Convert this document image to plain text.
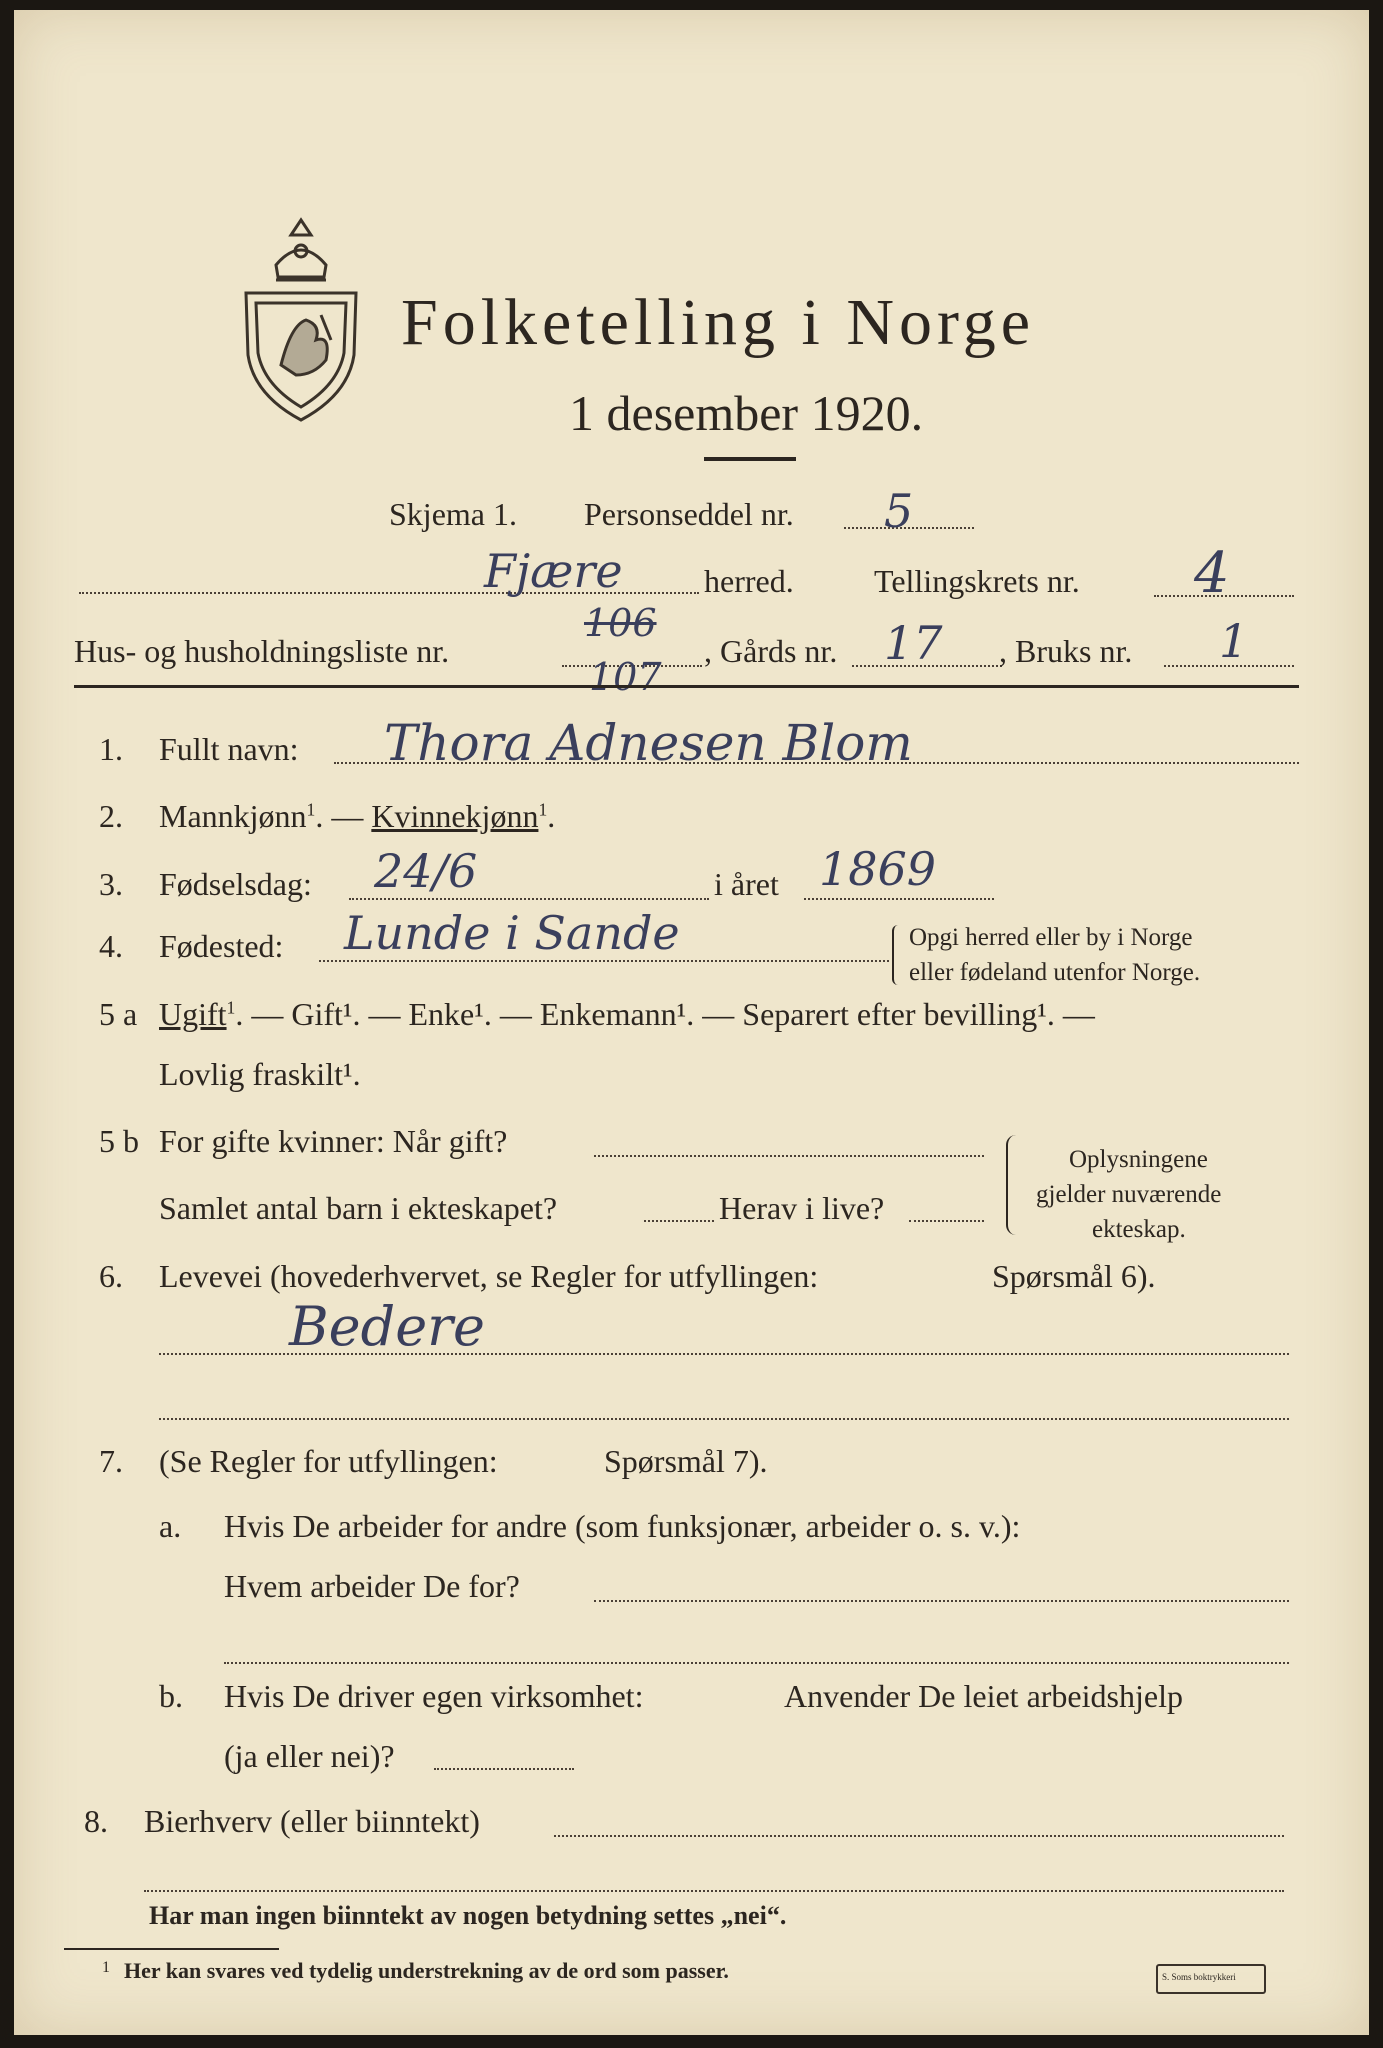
Folketelling i Norge
1 desember 1920.
Skjema 1. Personseddel nr. 5
Fjære	herred.	Tellingskrets nr. 4
Hus- og husholdningsliste nr.
106
107
, Gårds nr. 17 , Bruks nr. 1
1. Fullt navn: Thora Adnesen Blom
2. Mannkjønn$^1$. — Kvinnekjønn$^1$.
3. Fødselsdag: 24/6	i året 1869
4. Fødested: Lunde i Sande	Opgi herred eller by i Norge
eller fødeland utenfor Norge.
5 a Ugift$^1$. — Gift¹. — Enke¹. — Enkemann¹. — Separert efter bevilling¹. —
Lovlig fraskilt¹.
5 b For gifte kvinner: Når gift?
Samlet antal barn i ekteskapet?	Herav i live?
Oplysningene
gjelder nuværende
ekteskap.
6. Levevei (hovederhvervet, se Regler for utfyllingen:	Spørsmål 6).
Bedere
7. (Se Regler for utfyllingen:	Spørsmål 7).
a. Hvis De arbeider for andre (som funksjonær, arbeider o. s. v.):
Hvem arbeider De for?
b. Hvis De driver egen virksomhet:	Anvender De leiet arbeidshjelp
(ja eller nei)?
8. Bierhverv (eller biinntekt)
Har man ingen biinntekt av nogen betydning settes „nei“.
1 Her kan svares ved tydelig understrekning av de ord som passer.	S. Soms boktrykkeri
